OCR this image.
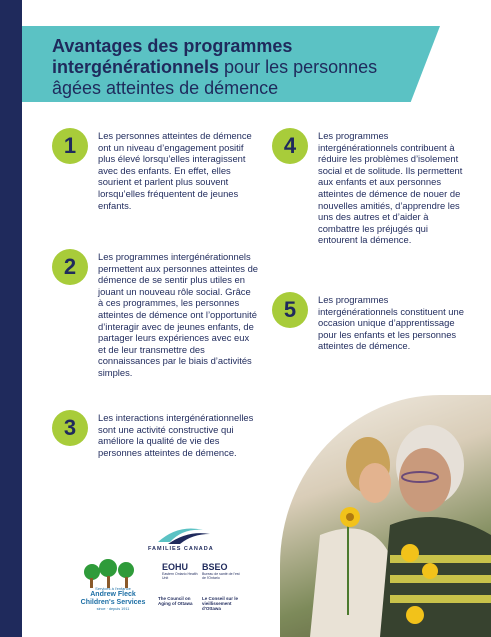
Avantages des programmes intergénérationnels pour les personnes âgées atteintes de démence
1	Les personnes atteintes de démence ont un niveau d’engagement positif plus élevé lorsqu’elles interagissent avec des enfants. En effet, elles sourient et parlent plus souvent lorsqu’elles fréquentent de jeunes enfants.

2	Les programmes intergénérationnels permettent aux personnes atteintes de démence de se sentir plus utiles en jouant un nouveau rôle social. Grâce à ces programmes, les personnes atteintes de démence ont l’opportunité d’interagir avec de jeunes enfants, de partager leurs expériences avec eux et de leur transmettre des connaissances par le biais d’activités simples.

3	Les interactions intergénérationnelles sont une activité constructive qui améliore la qualité de vie des personnes atteintes de démence.

4	Les programmes intergénérationnels contribuent à réduire les problèmes d’isolement social et de solitude. Ils permettent aux enfants et aux personnes atteintes de démence de nouer de nouvelles amitiés, d’apprendre les uns des autres et d’aider à combattre les préjugés qui entourent la démence.

5	Les programmes intergénérationnels constituent une occasion unique d’apprentissage pour les enfants et les personnes atteintes de démence.

FAMILIES CANADA
Services à l'enfance
Andrew Fleck Children's Services
since · depuis 1911
EOHU
Eastern Ontario Health Unit
BSEO
Bureau de santé de l'est de l'Ontario
The Council on Aging of Ottawa
Le Conseil sur le vieillissement d'Ottawa
